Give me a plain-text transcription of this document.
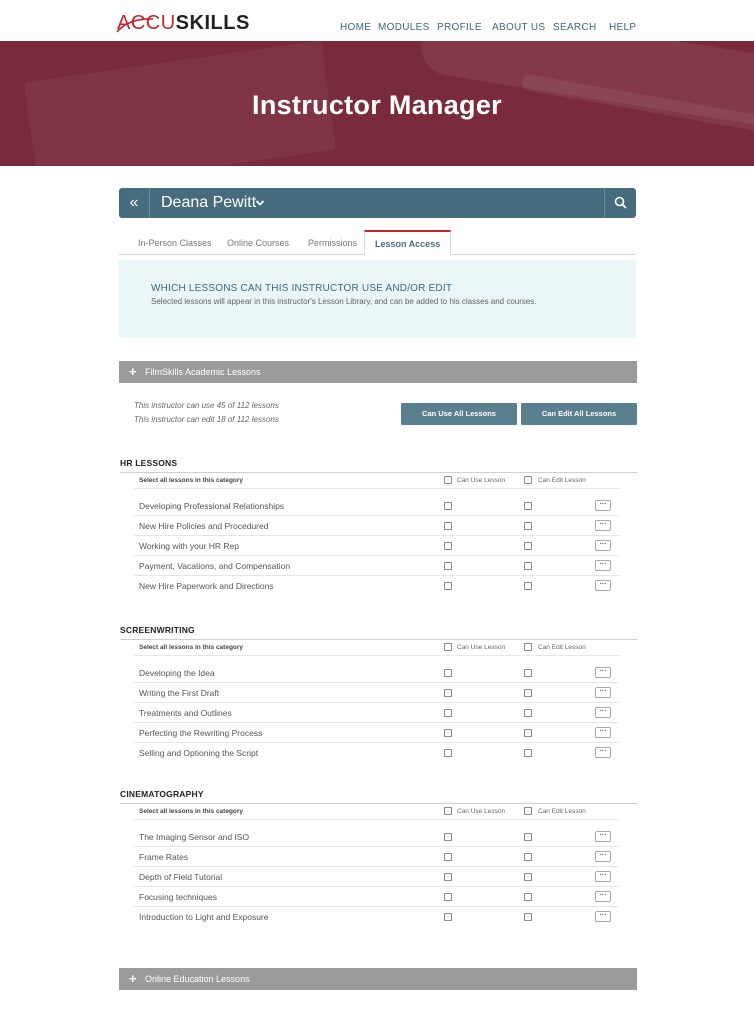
ACCUSKILLS	HOME MODULES PROFILE ABOUT US SEARCH HELP
Instructor Manager
«	Deana Pewitt
In-Person Classes Online Courses Permissions	Lesson Access
WHICH LESSONS CAN THIS INSTRUCTOR USE AND/OR EDIT
Selected lessons will appear in this instructor's Lesson Library, and can be added to his classes and courses.
+ FilmSkills Academic Lessons
This instructor can use 45 of 112 lessons
This instructor can edit 18 of 112 lessons
Can Use All Lessons	Can Edit All Lessons
HR LESSONS
Select all lessons in this category	Can Use Lesson	Can Edit Lesson
Developing Professional Relationships	···
New Hire Policies and Procedured	···
Working with your HR Rep	···
Payment, Vacations, and Compensation	···
New Hire Paperwork and Directions	···
SCREENWRITING
Select all lessons in this category	Can Use Lesson	Can Edit Lesson
Developing the Idea	···
Writing the First Draft	···
Treatments and Outlines	···
Perfecting the Rewriting Process	···
Selling and Optioning the Script	···
CINEMATOGRAPHY
Select all lessons in this category	Can Use Lesson	Can Edit Lesson
The Imaging Sensor and ISO	···
Frame Rates	···
Depth of Field Tutorial	···
Focusing techniques	···
Introduction to Light and Exposure	···
+ Online Education Lessons
